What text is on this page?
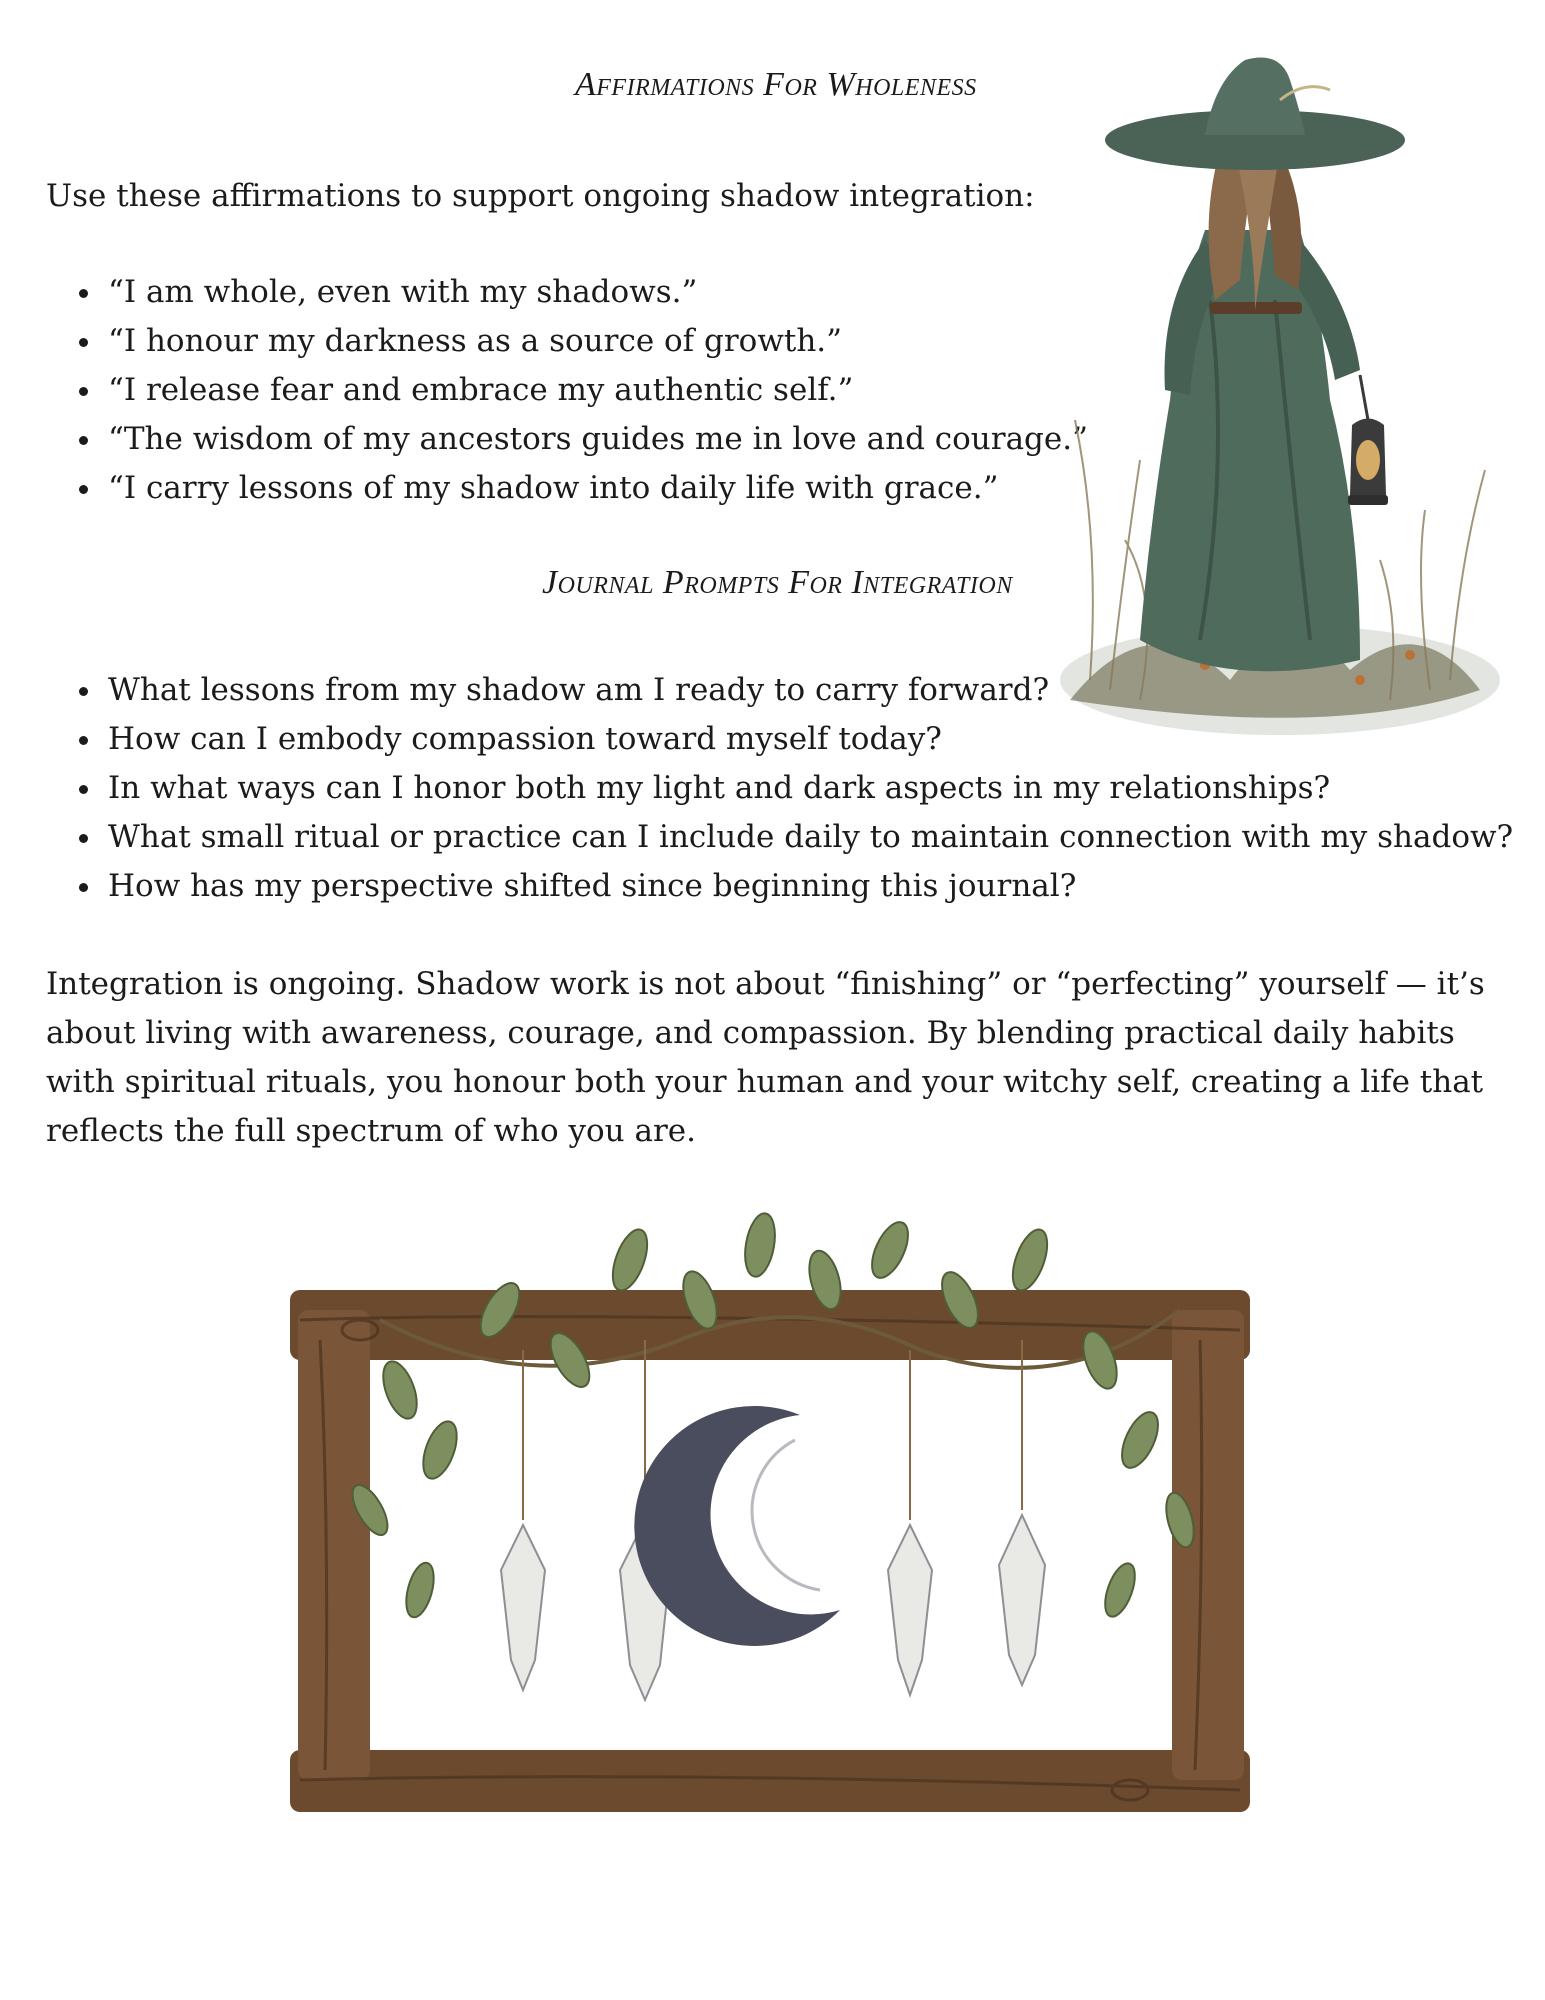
Affirmations For Wholeness

Use these affirmations to support ongoing shadow integration:

• “I am whole, even with my shadows.”
• “I honour my darkness as a source of growth.”
• “I release fear and embrace my authentic self.”
• “The wisdom of my ancestors guides me in love and courage.”
• “I carry lessons of my shadow into daily life with grace.”
Journal Prompts For Integration
• What lessons from my shadow am I ready to carry forward?
• How can I embody compassion toward myself today?
• In what ways can I honor both my light and dark aspects in my relationships?
• What small ritual or practice can I include daily to maintain connection with my shadow?
• How has my perspective shifted since beginning this journal?

Integration is ongoing. Shadow work is not about “finishing” or “perfecting” yourself — it’s about living with awareness, courage, and compassion. By blending practical daily habits with spiritual rituals, you honour both your human and your witchy self, creating a life that reflects the full spectrum of who you are.
